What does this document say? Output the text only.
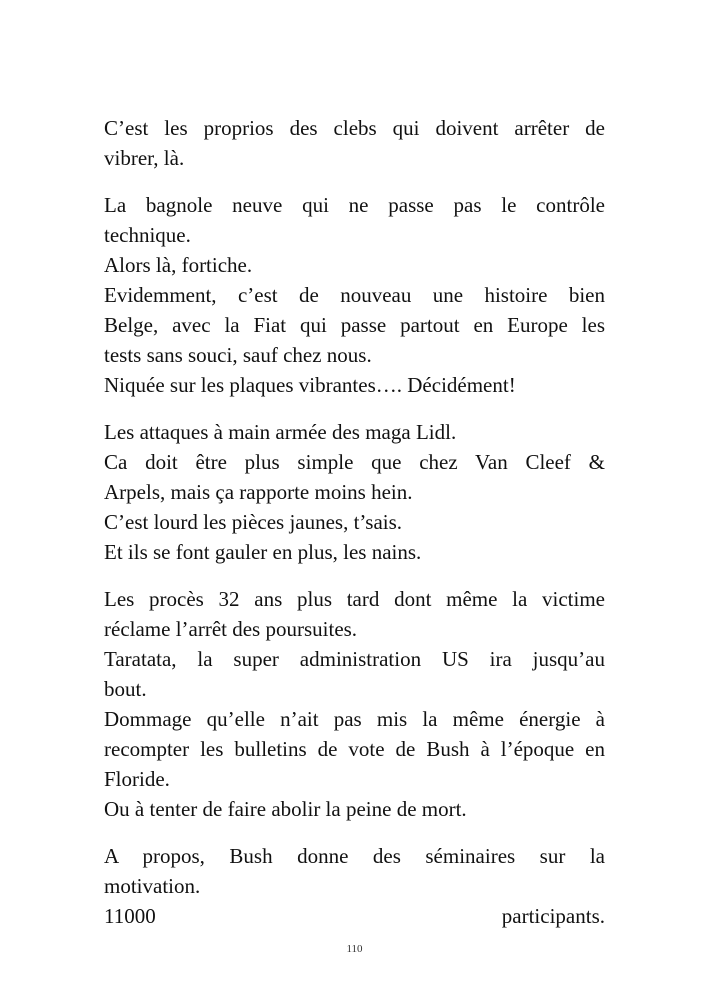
C’est les proprios des clebs qui doivent arrêter de
vibrer, là.
La bagnole neuve qui ne passe pas le contrôle
technique.
Alors là, fortiche.
Evidemment, c’est de nouveau une histoire bien
Belge, avec la Fiat qui passe partout en Europe les
tests sans souci, sauf chez nous.
Niquée sur les plaques vibrantes…. Décidément!
Les attaques à main armée des maga Lidl.
Ca doit être plus simple que chez Van Cleef &
Arpels, mais ça rapporte moins hein.
C’est lourd les pièces jaunes, t’sais.
Et ils se font gauler en plus, les nains.
Les procès 32 ans plus tard dont même la victime
réclame l’arrêt des poursuites.
Taratata, la super administration US ira jusqu’au
bout.
Dommage qu’elle n’ait pas mis la même énergie à
recompter les bulletins de vote de Bush à l’époque en
Floride.
Ou à tenter de faire abolir la peine de mort.
A propos, Bush donne des séminaires sur la
motivation.
11000 participants.
110
